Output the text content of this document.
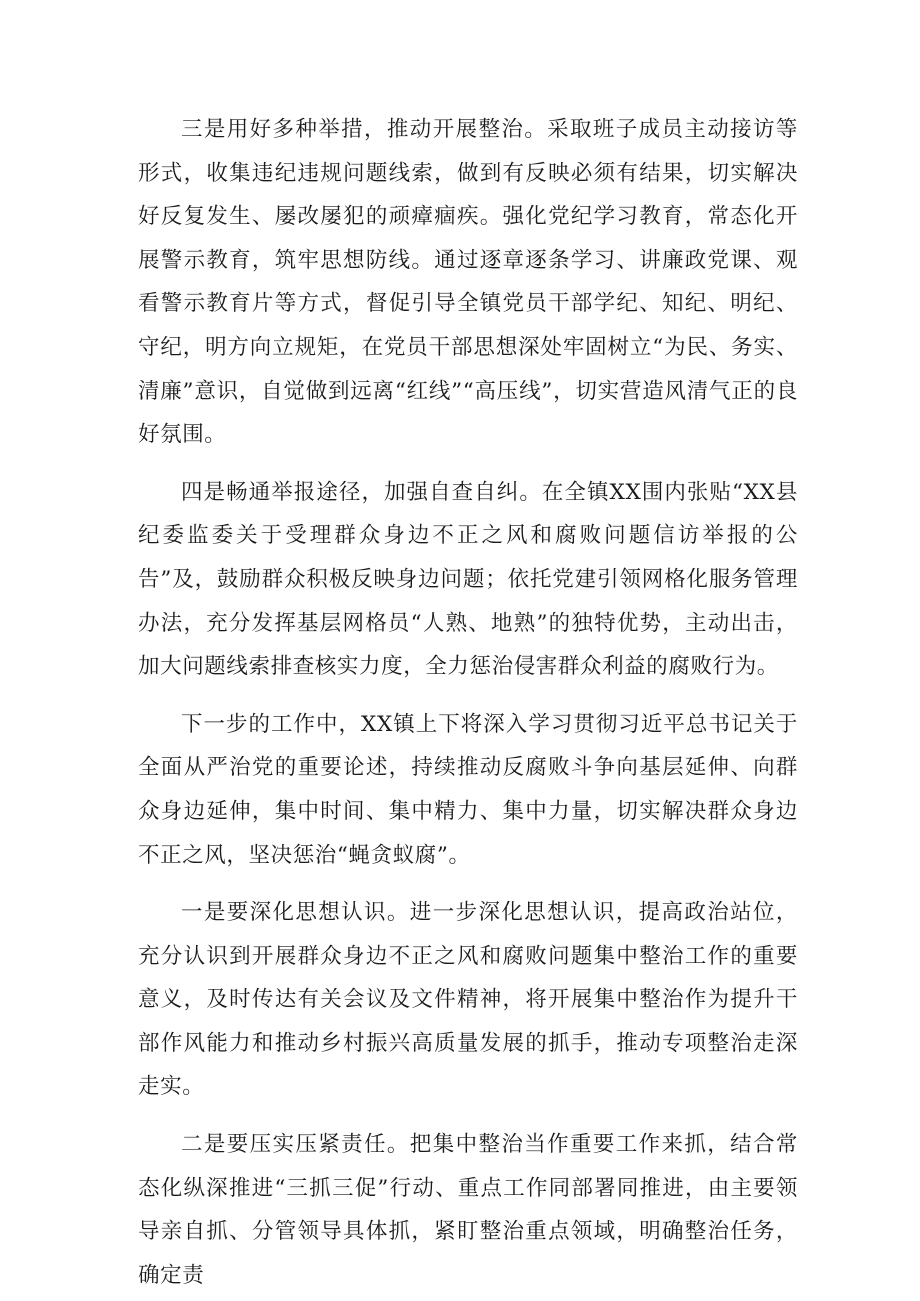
三是用好多种举措，推动开展整治。采取班子成员主动接访等形式，收集违纪违规问题线索，做到有反映必须有结果，切实解决好反复发生、屡改屡犯的顽瘴痼疾。强化党纪学习教育，常态化开展警示教育，筑牢思想防线。通过逐章逐条学习、讲廉政党课、观看警示教育片等方式，督促引导全镇党员干部学纪、知纪、明纪、守纪，明方向立规矩，在党员干部思想深处牢固树立“为民、务实、清廉”意识，自觉做到远离“红线”“高压线”，切实营造风清气正的良好氛围。

四是畅通举报途径，加强自查自纠。在全镇XX围内张贴“XX县纪委监委关于受理群众身边不正之风和腐败问题信访举报的公告”及，鼓励群众积极反映身边问题；依托党建引领网格化服务管理办法，充分发挥基层网格员“人熟、地熟”的独特优势，主动出击，加大问题线索排查核实力度，全力惩治侵害群众利益的腐败行为。

下一步的工作中，XX镇上下将深入学习贯彻习近平总书记关于全面从严治党的重要论述，持续推动反腐败斗争向基层延伸、向群众身边延伸，集中时间、集中精力、集中力量，切实解决群众身边不正之风，坚决惩治“蝇贪蚁腐”。

一是要深化思想认识。进一步深化思想认识，提高政治站位，充分认识到开展群众身边不正之风和腐败问题集中整治工作的重要意义，及时传达有关会议及文件精神，将开展集中整治作为提升干部作风能力和推动乡村振兴高质量发展的抓手，推动专项整治走深走实。

二是要压实压紧责任。把集中整治当作重要工作来抓，结合常态化纵深推进“三抓三促”行动、重点工作同部署同推进，由主要领导亲自抓、分管领导具体抓，紧盯整治重点领域，明确整治任务，确定责
